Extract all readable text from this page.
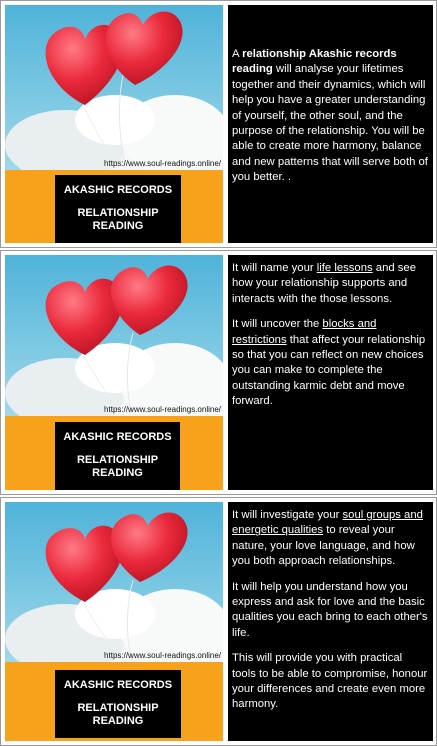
https://www.soul-readings.online/
AKASHIC RECORDS
RELATIONSHIP READING

A relationship Akashic records reading will analyse your lifetimes together and their dynamics, which will help you have a greater understanding of yourself, the other soul, and the purpose of the relationship. You will be able to create more harmony, balance and new patterns that will serve both of you better. .

https://www.soul-readings.online/
AKASHIC RECORDS
RELATIONSHIP READING

It will name your life lessons and see how your relationship supports and interacts with the those lessons.

It will uncover the blocks and restrictions that affect your relationship so that you can reflect on new choices you can make to complete the outstanding karmic debt and move forward.

https://www.soul-readings.online/
AKASHIC RECORDS
RELATIONSHIP READING

It will investigate your soul groups and energetic qualities to reveal your nature, your love language, and how you both approach relationships.

It will help you understand how you express and ask for love and the basic qualities you each bring to each other's life.

This will provide you with practical tools to be able to compromise, honour your differences and create even more harmony.
